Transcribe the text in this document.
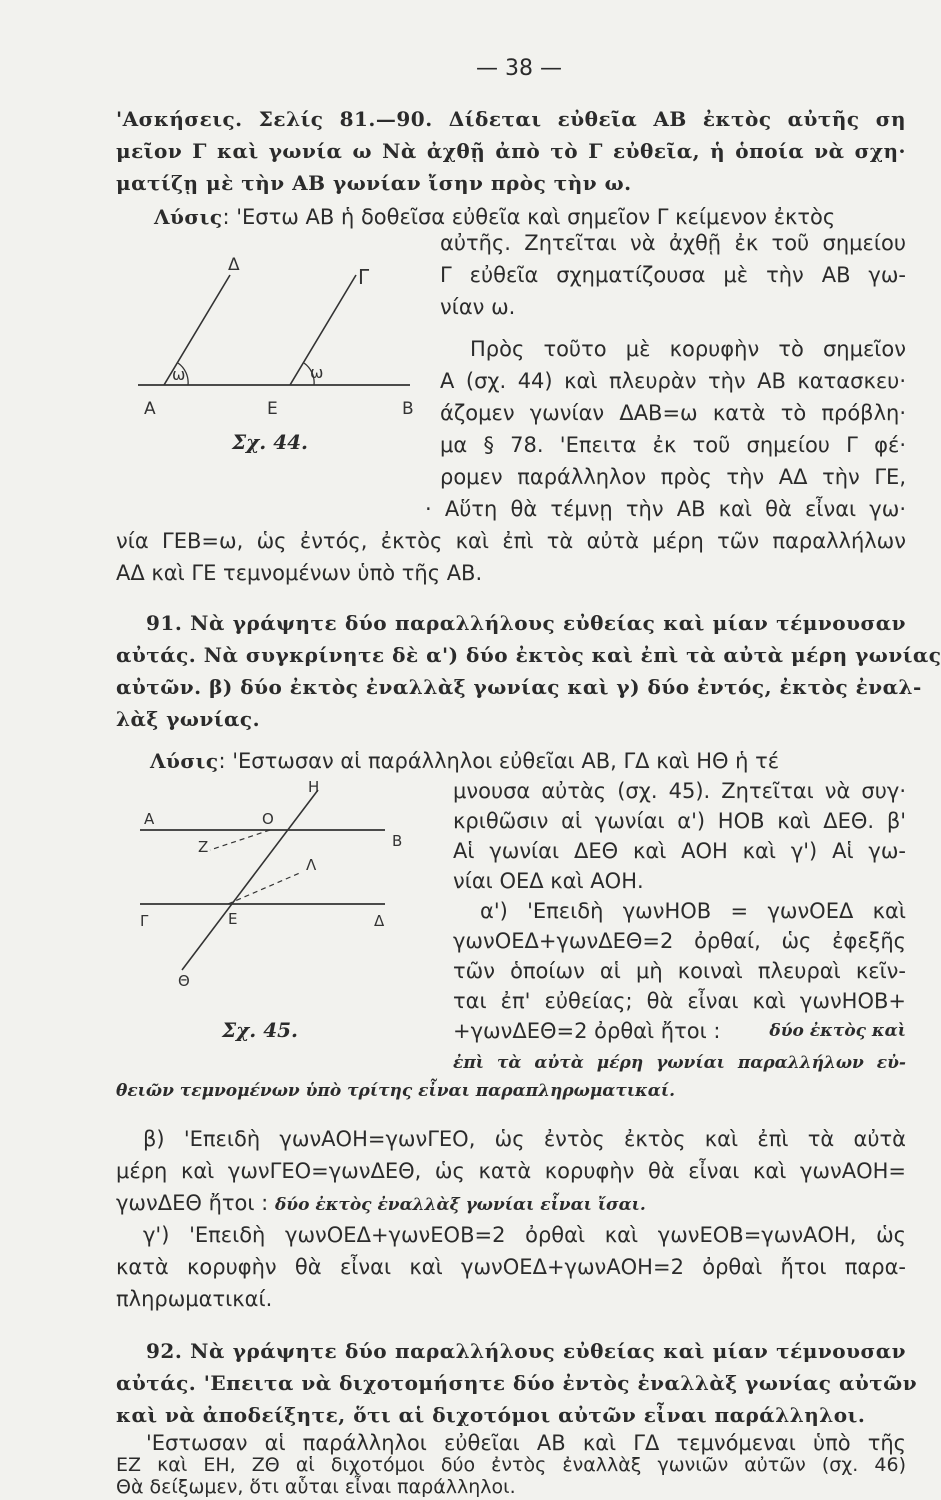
— 38 —
'Ασκήσεις. Σελίς 81.—90. Δίδεται εὐθεῖα ΑΒ ἐκτὸς αὐτῆς ση
μεῖον Γ καὶ γωνία ω Νὰ ἀχθῇ ἀπὸ τὸ Γ εὐθεῖα, ἡ ὁποία νὰ σχη·
ματίζῃ μὲ τὴν ΑΒ γωνίαν ἴσην πρὸς τὴν ω.
Λύσις: 'Εστω ΑΒ ἡ δοθεῖσα εὐθεῖα καὶ σημεῖον Γ κείμενον ἐκτὸς
αὐτῆς. Ζητεῖται νὰ ἀχθῇ ἐκ τοῦ σημείου
Γ εὐθεῖα σχηματίζουσα μὲ τὴν ΑΒ γω-
νίαν ω.
Πρὸς τοῦτο μὲ κορυφὴν τὸ σημεῖον
Α (σχ. 44) καὶ πλευρὰν τὴν ΑΒ κατασκευ·
άζομεν γωνίαν ΔΑΒ=ω κατὰ τὸ πρόβλη·
μα § 78. 'Επειτα ἐκ τοῦ σημείου Γ φέ·
ρομεν παράλληλον πρὸς τὴν ΑΔ τὴν ΓΕ,
· Αὕτη θὰ τέμνῃ τὴν ΑΒ καὶ θὰ εἶναι γω·
νία ΓΕΒ=ω, ὡς ἐντός, ἐκτὸς καὶ ἐπὶ τὰ αὐτὰ μέρη τῶν παραλλήλων
ΑΔ καὶ ΓΕ τεμνομένων ὑπὸ τῆς ΑΒ.
Δ	Γ
ω	ω
Α	Ε	Β
Σχ. 44.
91. Νὰ γράψητε δύο παραλλήλους εὐθείας καὶ μίαν τέμνουσαν
αὐτάς. Νὰ συγκρίνητε δὲ α') δύο ἐκτὸς καὶ ἐπὶ τὰ αὐτὰ μέρη γωνίας
αὐτῶν. β) δύο ἐκτὸς ἐναλλὰξ γωνίας καὶ γ) δύο ἐντός, ἐκτὸς ἐναλ-
λὰξ γωνίας.
Λύσις: 'Εστωσαν αἱ παράλληλοι εὐθεῖαι ΑΒ, ΓΔ καὶ ΗΘ ἡ τέ
μνουσα αὐτὰς (σχ. 45). Ζητεῖται νὰ συγ·
κριθῶσιν αἱ γωνίαι α') ΗΟΒ καὶ ΔΕΘ. β'
Αἱ γωνίαι ΔΕΘ καὶ ΑΟΗ καὶ γ') Αἱ γω-
νίαι ΟΕΔ καὶ ΑΟΗ.
α') 'Επειδὴ γωνΗΟΒ = γωνΟΕΔ καὶ
γωνΟΕΔ+γωνΔΕΘ=2 ὀρθαί, ὡς ἐφεξῆς
τῶν ὁποίων αἱ μὴ κοιναὶ πλευραὶ κεῖν-
ται ἐπ' εὐθείας; θὰ εἶναι καὶ γωνΗΟΒ+
+γωνΔΕΘ=2 ὀρθαὶ ἤτοι :	δύο ἐκτὸς καὶ
ἐπὶ τὰ αὐτὰ μέρη γωνίαι παραλλήλων εὐ-
θειῶν τεμνομένων ὑπὸ τρίτης εἶναι παραπληρωματικαί.
Η
Α	Ο
Β
Ζ
Λ
Γ	Ε	Δ
Θ
Σχ. 45.
β) 'Επειδὴ γωνΑΟΗ=γωνΓΕΟ, ὡς ἐντὸς ἐκτὸς καὶ ἐπὶ τὰ αὐτὰ
μέρη καὶ γωνΓΕΟ=γωνΔΕΘ, ὡς κατὰ κορυφὴν θὰ εἶναι καὶ γωνΑΟΗ=
γωνΔΕΘ ἤτοι : δύο ἐκτὸς ἐναλλὰξ γωνίαι εἶναι ἴσαι.
γ') 'Επειδὴ γωνΟΕΔ+γωνΕΟΒ=2 ὀρθαὶ καὶ γωνΕΟΒ=γωνΑΟΗ, ὡς
κατὰ κορυφὴν θὰ εἶναι καὶ γωνΟΕΔ+γωνΑΟΗ=2 ὀρθαὶ ἤτοι παρα-
πληρωματικαί.
92. Νὰ γράψητε δύο παραλλήλους εὐθείας καὶ μίαν τέμνουσαν
αὐτάς. 'Επειτα νὰ διχοτομήσητε δύο ἐντὸς ἐναλλὰξ γωνίας αὐτῶν
καὶ νὰ ἀποδείξητε, ὅτι αἱ διχοτόμοι αὐτῶν εἶναι παράλληλοι.
'Εστωσαν αἱ παράλληλοι εὐθεῖαι ΑΒ καὶ ΓΔ τεμνόμεναι ὑπὸ τῆς
ΕΖ καὶ ΕΗ, ΖΘ αἱ διχοτόμοι δύο ἐντὸς ἐναλλὰξ γωνιῶν αὐτῶν (σχ. 46)
Θὰ δείξωμεν, ὅτι αὗται εἶναι παράλληλοι.
